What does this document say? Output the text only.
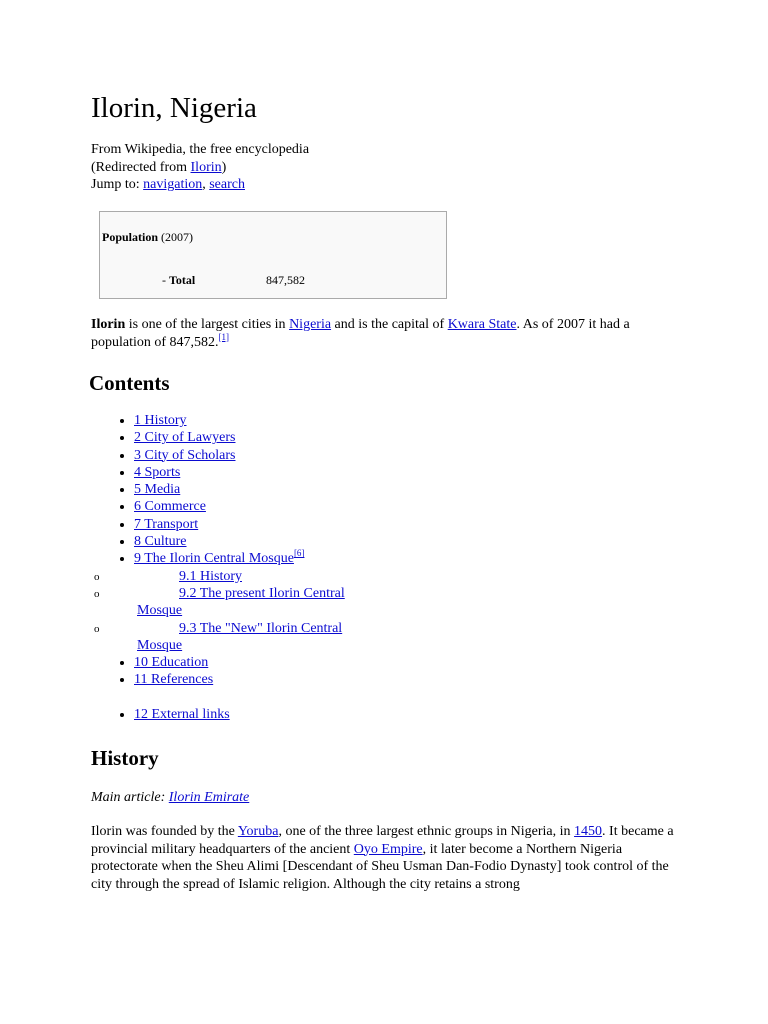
Ilorin, Nigeria
From Wikipedia, the free encyclopedia
(Redirected from Ilorin)
Jump to: navigation, search
Population (2007)
- Total	847,582
Ilorin is one of the largest cities in Nigeria and is the capital of Kwara State. As of 2007 it had a population of 847,582.[1]
Contents
• 1 History
• 2 City of Lawyers
• 3 City of Scholars
• 4 Sports
• 5 Media
• 6 Commerce
• 7 Transport
• 8 Culture
• 9 The Ilorin Central Mosque[6]
o	9.1 History
o	9.2 The present Ilorin Central Mosque
o	9.3 The "New" Ilorin Central Mosque
• 10 Education
• 11 References
• 12 External links
History
Main article: Ilorin Emirate
Ilorin was founded by the Yoruba, one of the three largest ethnic groups in Nigeria, in 1450. It became a provincial military headquarters of the ancient Oyo Empire, it later become a Northern Nigeria protectorate when the Sheu Alimi [Descendant of Sheu Usman Dan-Fodio Dynasty] took control of the city through the spread of Islamic religion. Although the city retains a strong
